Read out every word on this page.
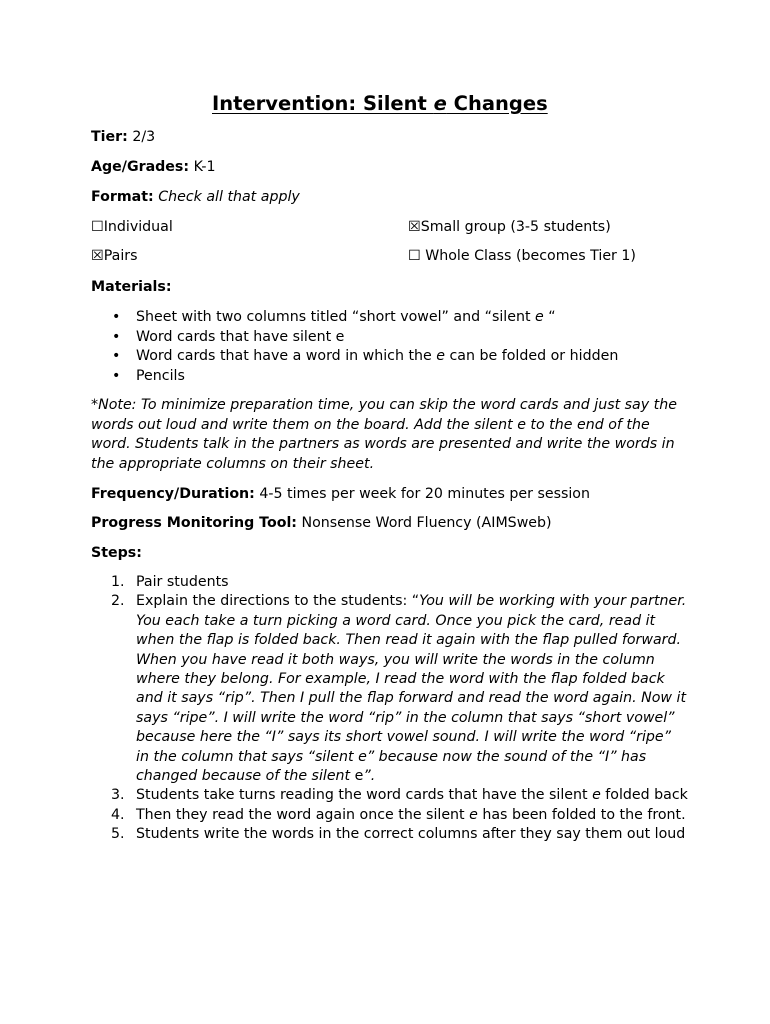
Intervention: Silent e Changes
Tier: 2/3
Age/Grades: K-1
Format: Check all that apply
☐Individual	☒Small group (3-5 students)
☒Pairs	☐ Whole Class (becomes Tier 1)
Materials:
• Sheet with two columns titled “short vowel” and “silent e “
• Word cards that have silent e
• Word cards that have a word in which the e can be folded or hidden
• Pencils
*Note: To minimize preparation time, you can skip the word cards and just say the words out loud and write them on the board. Add the silent e to the end of the word. Students talk in the partners as words are presented and write the words in the appropriate columns on their sheet.
Frequency/Duration: 4-5 times per week for 20 minutes per session
Progress Monitoring Tool: Nonsense Word Fluency (AIMSweb)
Steps:
1. Pair students
2. Explain the directions to the students: “You will be working with your partner. You each take a turn picking a word card. Once you pick the card, read it when the flap is folded back. Then read it again with the flap pulled forward. When you have read it both ways, you will write the words in the column where they belong. For example, I read the word with the flap folded back and it says “rip”. Then I pull the flap forward and read the word again. Now it says “ripe”. I will write the word “rip” in the column that says “short vowel” because here the “I” says its short vowel sound. I will write the word “ripe” in the column that says “silent e” because now the sound of the “I” has changed because of the silent e”.
3. Students take turns reading the word cards that have the silent e folded back
4. Then they read the word again once the silent e has been folded to the front.
5. Students write the words in the correct columns after they say them out loud
